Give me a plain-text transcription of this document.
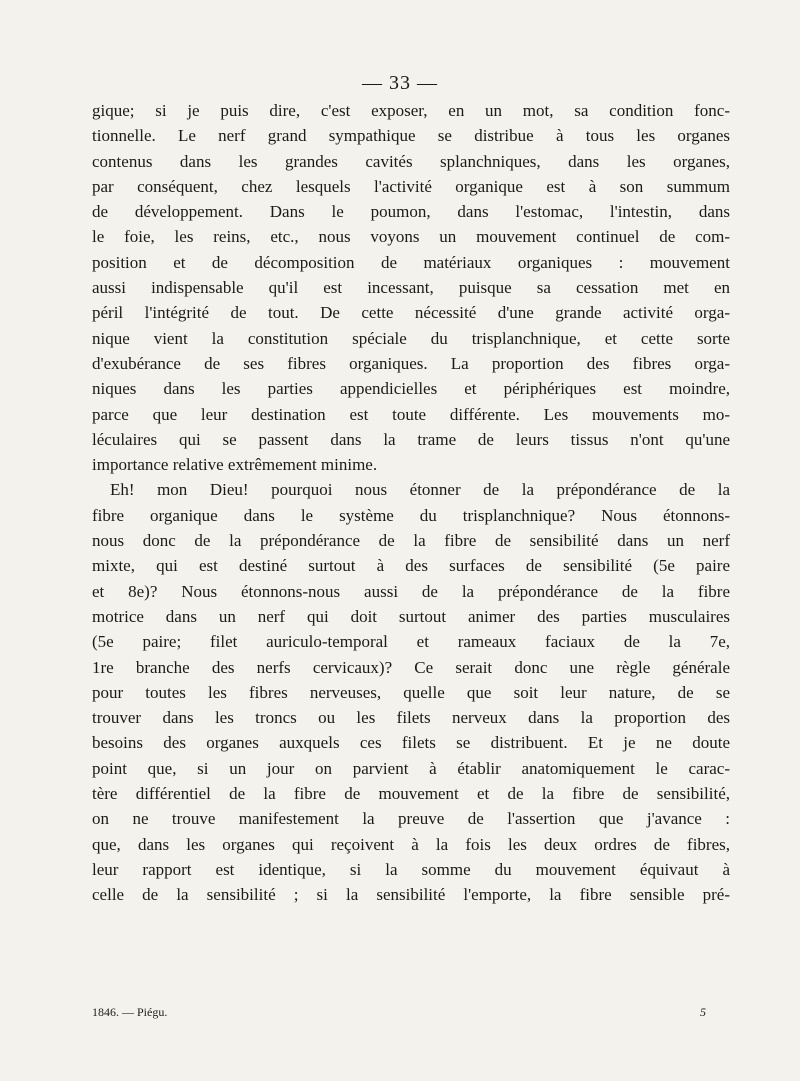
— 33 —
gique; si je puis dire, c'est exposer, en un mot, sa condition fonc-
tionnelle. Le nerf grand sympathique se distribue à tous les organes
contenus dans les grandes cavités splanchniques, dans les organes,
par conséquent, chez lesquels l'activité organique est à son summum
de développement. Dans le poumon, dans l'estomac, l'intestin, dans
le foie, les reins, etc., nous voyons un mouvement continuel de com-
position et de décomposition de matériaux organiques : mouvement
aussi indispensable qu'il est incessant, puisque sa cessation met en
péril l'intégrité de tout. De cette nécessité d'une grande activité orga-
nique vient la constitution spéciale du trisplanchnique, et cette sorte
d'exubérance de ses fibres organiques. La proportion des fibres orga-
niques dans les parties appendicielles et périphériques est moindre,
parce que leur destination est toute différente. Les mouvements mo-
léculaires qui se passent dans la trame de leurs tissus n'ont qu'une
importance relative extrêmement minime.
Eh! mon Dieu! pourquoi nous étonner de la prépondérance de la
fibre organique dans le système du trisplanchnique? Nous étonnons-
nous donc de la prépondérance de la fibre de sensibilité dans un nerf
mixte, qui est destiné surtout à des surfaces de sensibilité (5e paire
et 8e)? Nous étonnons-nous aussi de la prépondérance de la fibre
motrice dans un nerf qui doit surtout animer des parties musculaires
(5e paire; filet auriculo-temporal et rameaux faciaux de la 7e,
1re branche des nerfs cervicaux)? Ce serait donc une règle générale
pour toutes les fibres nerveuses, quelle que soit leur nature, de se
trouver dans les troncs ou les filets nerveux dans la proportion des
besoins des organes auxquels ces filets se distribuent. Et je ne doute
point que, si un jour on parvient à établir anatomiquement le carac-
tère différentiel de la fibre de mouvement et de la fibre de sensibilité,
on ne trouve manifestement la preuve de l'assertion que j'avance :
que, dans les organes qui reçoivent à la fois les deux ordres de fibres,
leur rapport est identique, si la somme du mouvement équivaut à
celle de la sensibilité ; si la sensibilité l'emporte, la fibre sensible pré-
1846. — Piégu.	5
